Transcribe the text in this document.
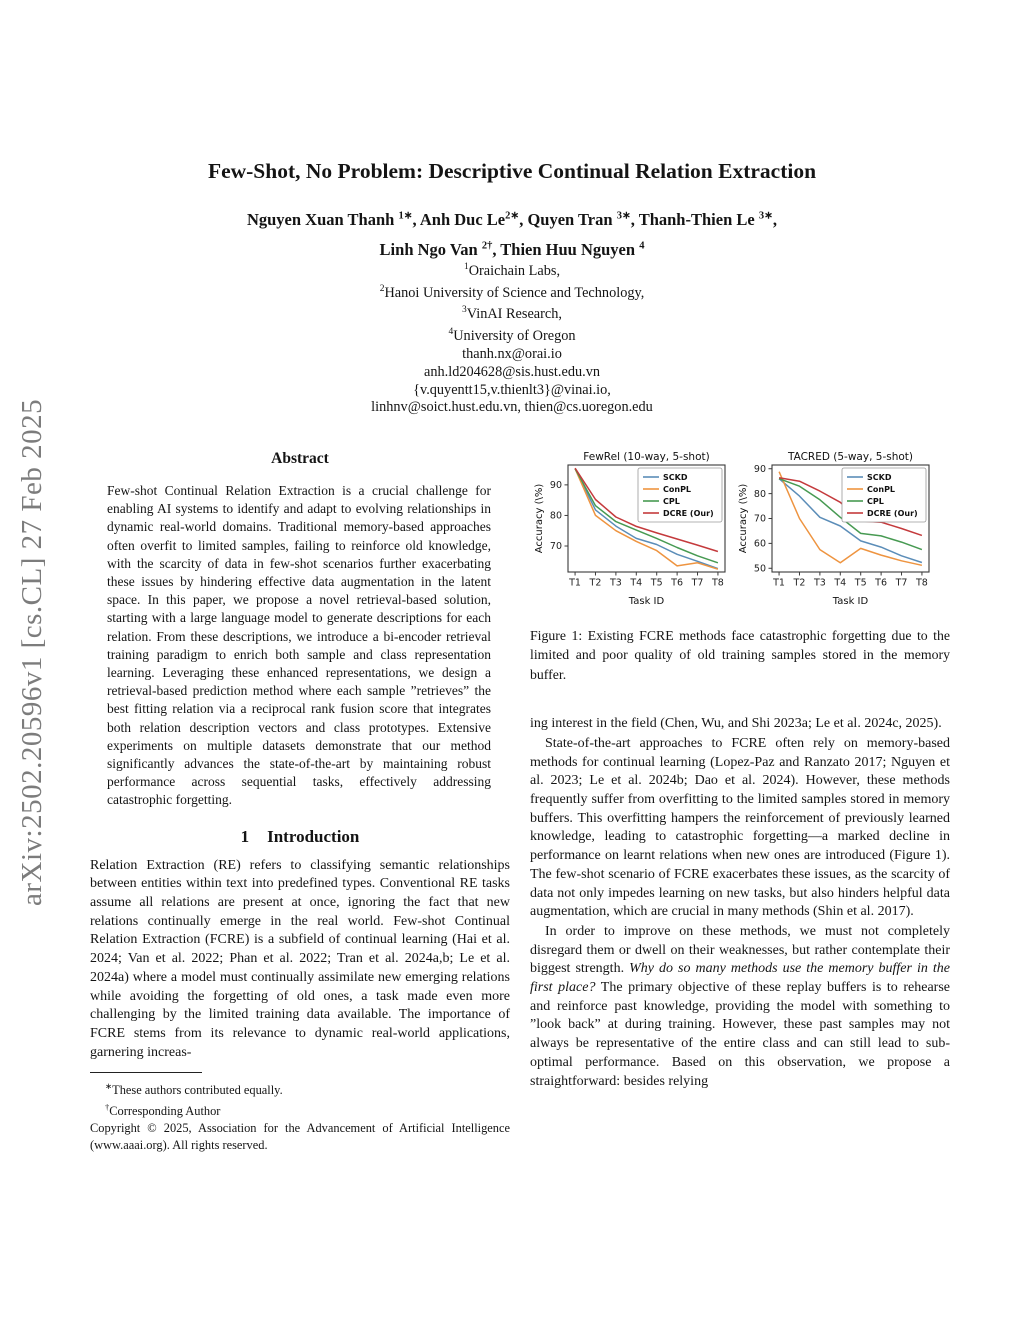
arXiv:2502.20596v1 [cs.CL] 27 Feb 2025
Few-Shot, No Problem: Descriptive Continual Relation Extraction
Nguyen Xuan Thanh $^{1∗}$, Anh Duc $Le^{2∗}$, Quyen Tran $^{3∗}$, Thanh-Thien Le $^{3∗}$,
Linh Ngo Van $^{2\dagger}$, Thien Huu Nguyen $^4$
$^1$Oraichain Labs,
$^2$Hanoi University of Science and Technology,
$^3$VinAI Research,
$^4$University of Oregon
thanh.nx@orai.io
anh.ld204628@sis.hust.edu.vn
{v.quyentt15,v.thienlt3}@vinai.io,
linhnv@soict.hust.edu.vn, thien@cs.uoregon.edu
Abstract

Few-shot Continual Relation Extraction is a crucial challenge for enabling AI systems to identify and adapt to evolving relationships in dynamic real-world domains. Traditional memory-based approaches often overfit to limited samples, failing to reinforce old knowledge, with the scarcity of data in few-shot scenarios further exacerbating these issues by hindering effective data augmentation in the latent space. In this paper, we propose a novel retrieval-based solution, starting with a large language model to generate descriptions for each relation. From these descriptions, we introduce a bi-encoder retrieval training paradigm to enrich both sample and class representation learning. Leveraging these enhanced representations, we design a retrieval-based prediction method where each sample ”retrieves” the best fitting relation via a reciprocal rank fusion score that integrates both relation description vectors and class prototypes. Extensive experiments on multiple datasets demonstrate that our method significantly advances the state-of-the-art by maintaining robust performance across sequential tasks, effectively addressing catastrophic forgetting.

1 Introduction

Relation Extraction (RE) refers to classifying semantic relationships between entities within text into predefined types. Conventional RE tasks assume all relations are present at once, ignoring the fact that new relations continually emerge in the real world. Few-shot Continual Relation Extraction (FCRE) is a subfield of continual learning (Hai et al. 2024; Van et al. 2022; Phan et al. 2022; Tran et al. 2024a,b; Le et al. 2024a) where a model must continually assimilate new emerging relations while avoiding the forgetting of old ones, a task made even more challenging by the limited training data available. The importance of FCRE stems from its relevance to dynamic real-world applications, garnering increas-

∗These authors contributed equally.

†Corresponding Author

Copyright © 2025, Association for the Advancement of Artificial Intelligence (www.aaai.org). All rights reserved.

70
80
90
T1 T2 T3 T4 T5 T6 T7 T8
FewRel (10-way, 5-shot)
Task ID
Accuracy (\%)
SCKD
ConPL
CPL
DCRE (Our)
50
60
70
80
90
T1 T2 T3 T4 T5 T6 T7 T8
TACRED (5-way, 5-shot)
Task ID
Accuracy (\%)
SCKD
ConPL
CPL
DCRE (Our)

Figure 1: Existing FCRE methods face catastrophic forgetting due to the limited and poor quality of old training samples stored in the memory buffer.

ing interest in the field (Chen, Wu, and Shi 2023a; Le et al. 2024c, 2025).

State-of-the-art approaches to FCRE often rely on memory-based methods for continual learning (Lopez-Paz and Ranzato 2017; Nguyen et al. 2023; Le et al. 2024b; Dao et al. 2024). However, these methods frequently suffer from overfitting to the limited samples stored in memory buffers. This overfitting hampers the reinforcement of previously learned knowledge, leading to catastrophic forgetting—a marked decline in performance on learnt relations when new ones are introduced (Figure 1). The few-shot scenario of FCRE exacerbates these issues, as the scarcity of data not only impedes learning on new tasks, but also hinders helpful data augmentation, which are crucial in many methods (Shin et al. 2017).

In order to improve on these methods, we must not completely disregard them or dwell on their weaknesses, but rather contemplate their biggest strength. Why do so many methods use the memory buffer in the first place? The primary objective of these replay buffers is to rehearse and reinforce past knowledge, providing the model with something to ”look back” at during training. However, these past samples may not always be representative of the entire class and can still lead to sub-optimal performance. Based on this observation, we propose a straightforward: besides relying
